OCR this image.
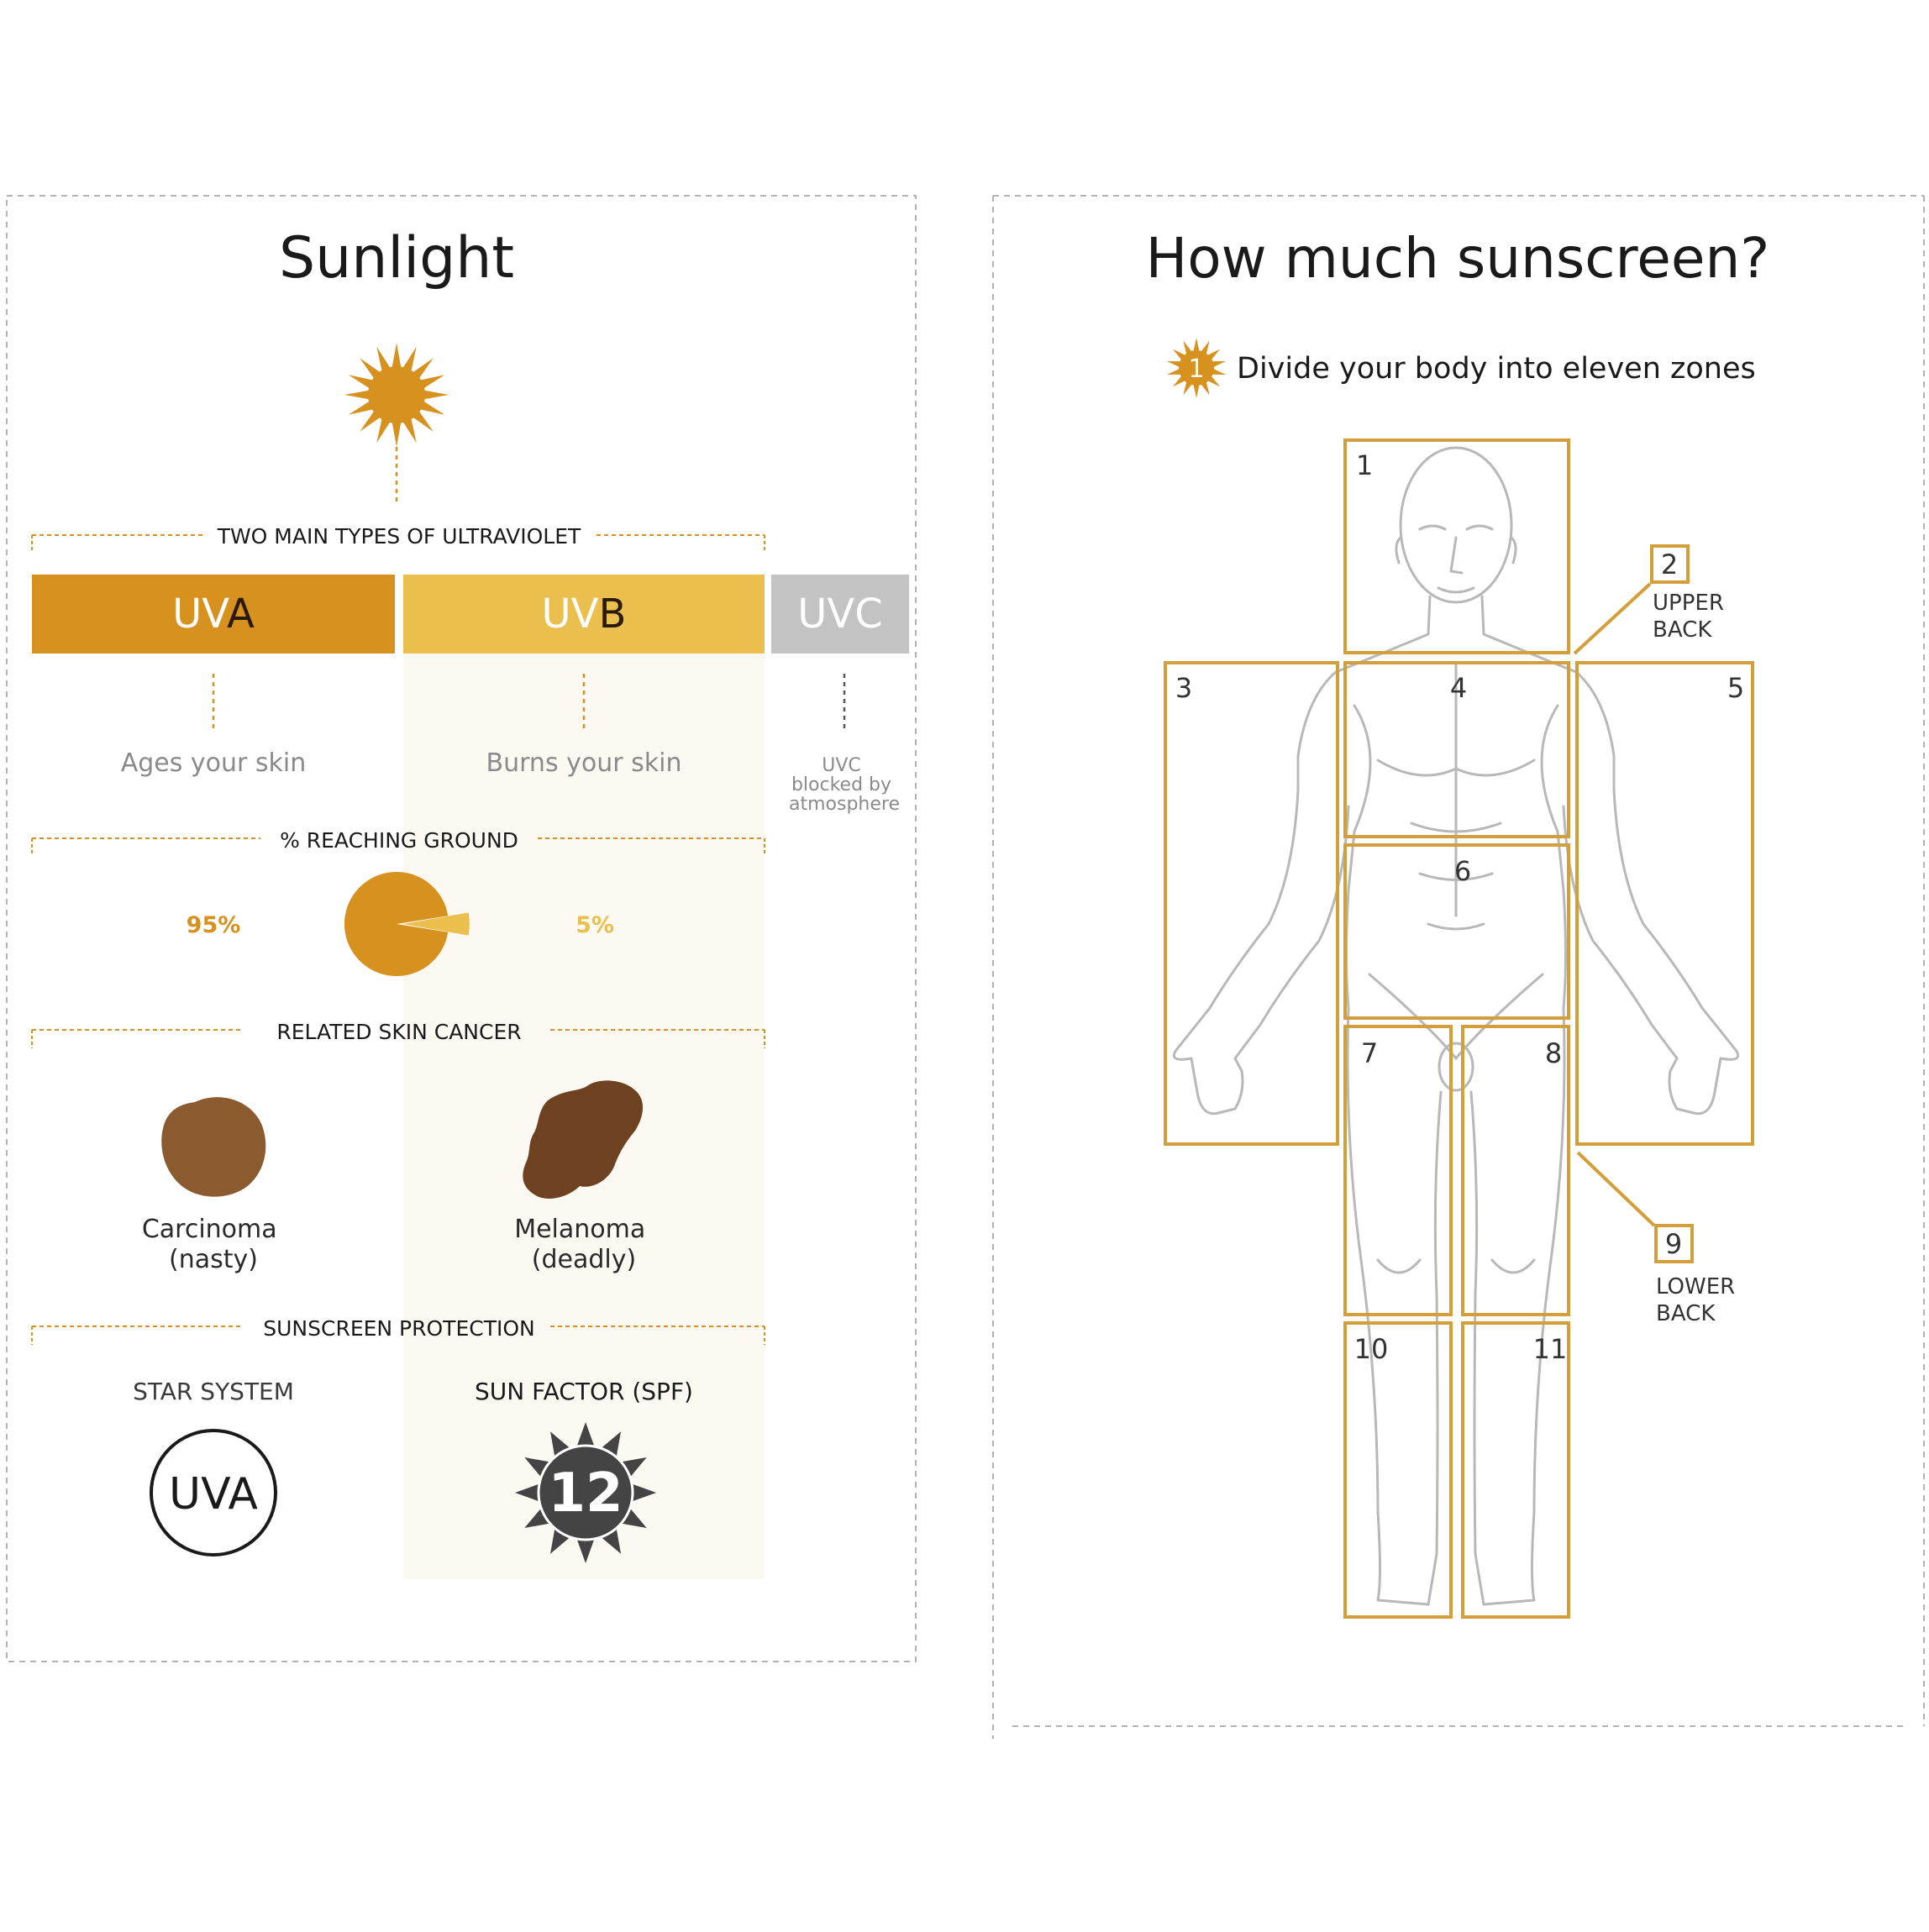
Sunlight
TWO MAIN TYPES OF ULTRAVIOLET
UVA	UVB	UVC
Ages your skin	Burns your skin	UVC blocked by atmosphere
% REACHING GROUND
95%	5%
RELATED SKIN CANCER
Carcinoma (nasty)
Melanoma (deadly)
SUNSCREEN PROTECTION
STAR SYSTEM
UVA
SUN FACTOR (SPF)
12
How much sunscreen?
1 Divide your body into eleven zones
1
2
3	4	5
6
7	8
9
10	11
UPPER BACK
LOWER BACK
